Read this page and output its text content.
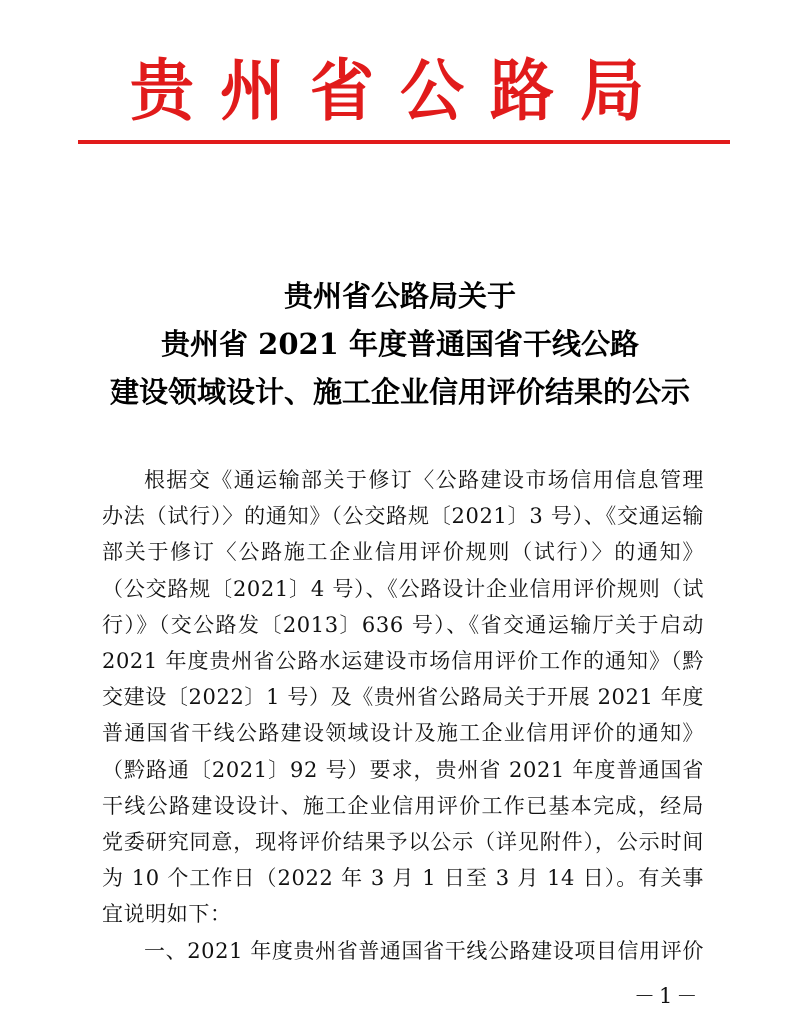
贵州省公路局
贵州省公路局关于
贵州省 2021 年度普通国省干线公路
建设领域设计、施工企业信用评价结果的公示

根据交《通运输部关于修订〈公路建设市场信用信息管理办法（试行）〉的通知》（公交路规〔2021〕3 号）、《交通运输部关于修订〈公路施工企业信用评价规则（试行）〉的通知》（公交路规〔2021〕4 号）、《公路设计企业信用评价规则（试行）》（交公路发〔2013〕636 号）、《省交通运输厅关于启动 2021 年度贵州省公路水运建设市场信用评价工作的通知》（黔交建设〔2022〕1 号）及《贵州省公路局关于开展 2021 年度普通国省干线公路建设领域设计及施工企业信用评价的通知》（黔路通〔2021〕92 号）要求，贵州省 2021 年度普通国省干线公路建设设计、施工企业信用评价工作已基本完成，经局党委研究同意，现将评价结果予以公示（详见附件），公示时间为 10 个工作日（2022 年 3 月 1 日至 3 月 14 日）。有关事宜说明如下：

一、2021 年度贵州省普通国省干线公路建设项目信用评价

－1－
